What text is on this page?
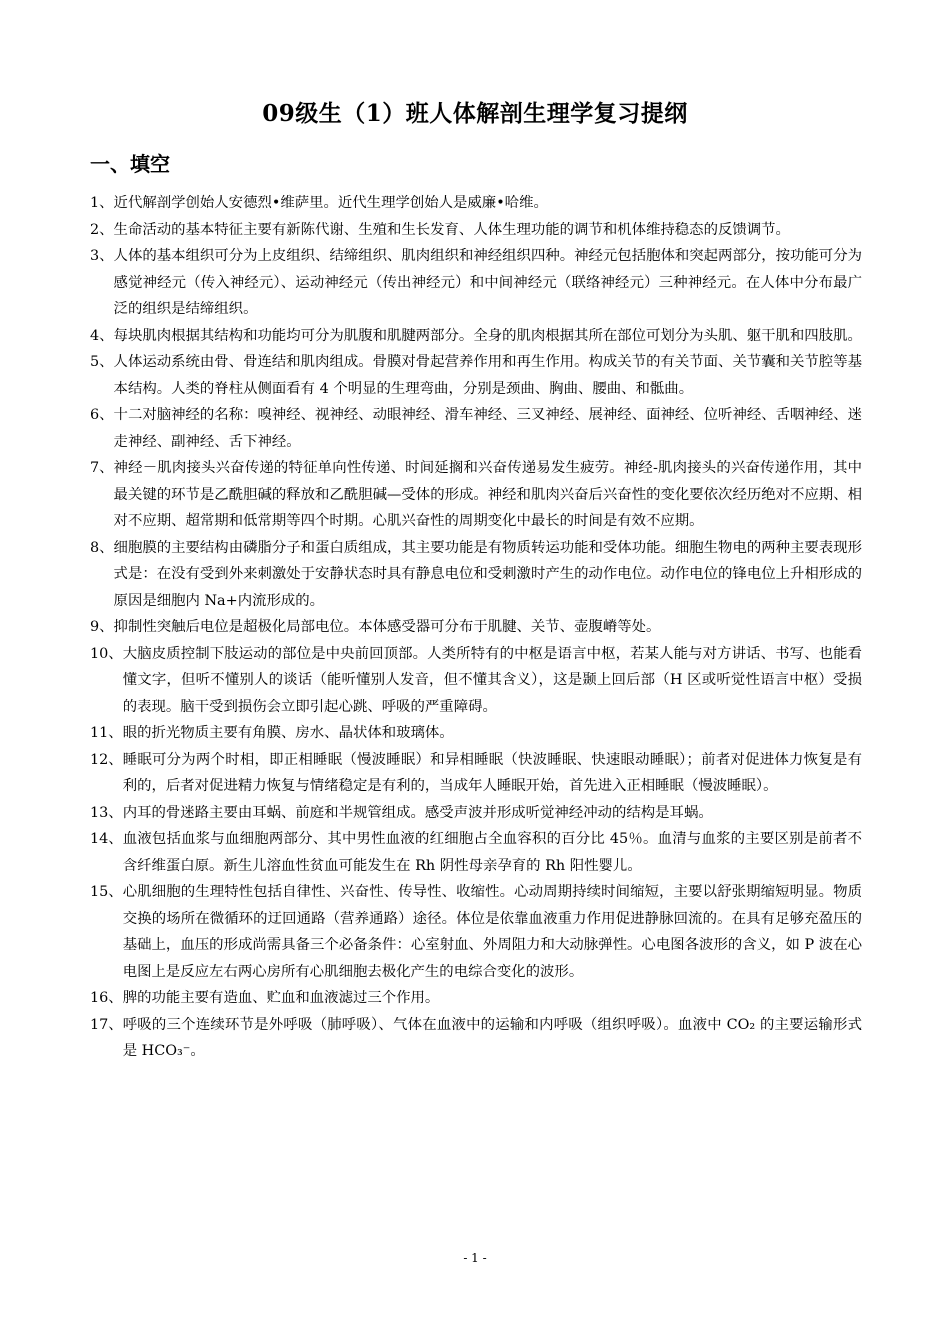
09级生（1）班人体解剖生理学复习提纲
一、填空
1、 近代解剖学创始人安德烈•维萨里。近代生理学创始人是威廉•哈维。
2、 生命活动的基本特征主要有新陈代谢、生殖和生长发育、人体生理功能的调节和机体维持稳态的反馈调节。
3、 人体的基本组织可分为上皮组织、结缔组织、肌肉组织和神经组织四种。神经元包括胞体和突起两部分，按功能可分为感觉神经元（传入神经元）、运动神经元（传出神经元）和中间神经元（联络神经元）三种神经元。在人体中分布最广泛的组织是结缔组织。
4、 每块肌肉根据其结构和功能均可分为肌腹和肌腱两部分。全身的肌肉根据其所在部位可划分为头肌、躯干肌和四肢肌。
5、 人体运动系统由骨、骨连结和肌肉组成。骨膜对骨起营养作用和再生作用。构成关节的有关节面、关节囊和关节腔等基本结构。人类的脊柱从侧面看有 4 个明显的生理弯曲，分别是颈曲、胸曲、腰曲、和骶曲。
6、 十二对脑神经的名称：嗅神经、视神经、动眼神经、滑车神经、三叉神经、展神经、面神经、位听神经、舌咽神经、迷走神经、副神经、舌下神经。
7、 神经－肌肉接头兴奋传递的特征单向性传递、时间延搁和兴奋传递易发生疲劳。神经-肌肉接头的兴奋传递作用，其中最关键的环节是乙酰胆碱的释放和乙酰胆碱—受体的形成。神经和肌肉兴奋后兴奋性的变化要依次经历绝对不应期、相对不应期、超常期和低常期等四个时期。心肌兴奋性的周期变化中最长的时间是有效不应期。
8、 细胞膜的主要结构由磷脂分子和蛋白质组成，其主要功能是有物质转运功能和受体功能。细胞生物电的两种主要表现形式是：在没有受到外来刺激处于安静状态时具有静息电位和受刺激时产生的动作电位。动作电位的锋电位上升相形成的原因是细胞内 Na+内流形成的。
9、 抑制性突触后电位是超极化局部电位。本体感受器可分布于肌腱、关节、壶腹嵴等处。
10、 大脑皮质控制下肢运动的部位是中央前回顶部。人类所特有的中枢是语言中枢，若某人能与对方讲话、书写、也能看懂文字，但听不懂别人的谈话（能听懂别人发音，但不懂其含义），这是颞上回后部（H 区或听觉性语言中枢）受损的表现。脑干受到损伤会立即引起心跳、呼吸的严重障碍。
11、 眼的折光物质主要有角膜、房水、晶状体和玻璃体。
12、 睡眠可分为两个时相，即正相睡眠（慢波睡眠）和异相睡眠（快波睡眠、快速眼动睡眠）；前者对促进体力恢复是有利的，后者对促进精力恢复与情绪稳定是有利的，当成年人睡眠开始，首先进入正相睡眠（慢波睡眠）。
13、 内耳的骨迷路主要由耳蜗、前庭和半规管组成。感受声波并形成听觉神经冲动的结构是耳蜗。
14、 血液包括血浆与血细胞两部分、其中男性血液的红细胞占全血容积的百分比 45％。血清与血浆的主要区别是前者不含纤维蛋白原。新生儿溶血性贫血可能发生在 Rh 阴性母亲孕育的 Rh 阳性婴儿。
15、 心肌细胞的生理特性包括自律性、兴奋性、传导性、收缩性。心动周期持续时间缩短，主要以舒张期缩短明显。物质交换的场所在微循环的迂回通路（营养通路）途径。体位是依靠血液重力作用促进静脉回流的。在具有足够充盈压的基础上，血压的形成尚需具备三个必备条件：心室射血、外周阻力和大动脉弹性。心电图各波形的含义，如 P 波在心电图上是反应左右两心房所有心肌细胞去极化产生的电综合变化的波形。
16、 脾的功能主要有造血、贮血和血液滤过三个作用。
17、 呼吸的三个连续环节是外呼吸（肺呼吸）、气体在血液中的运输和内呼吸（组织呼吸）。血液中 CO₂ 的主要运输形式是 HCO₃⁻。
- 1 -
